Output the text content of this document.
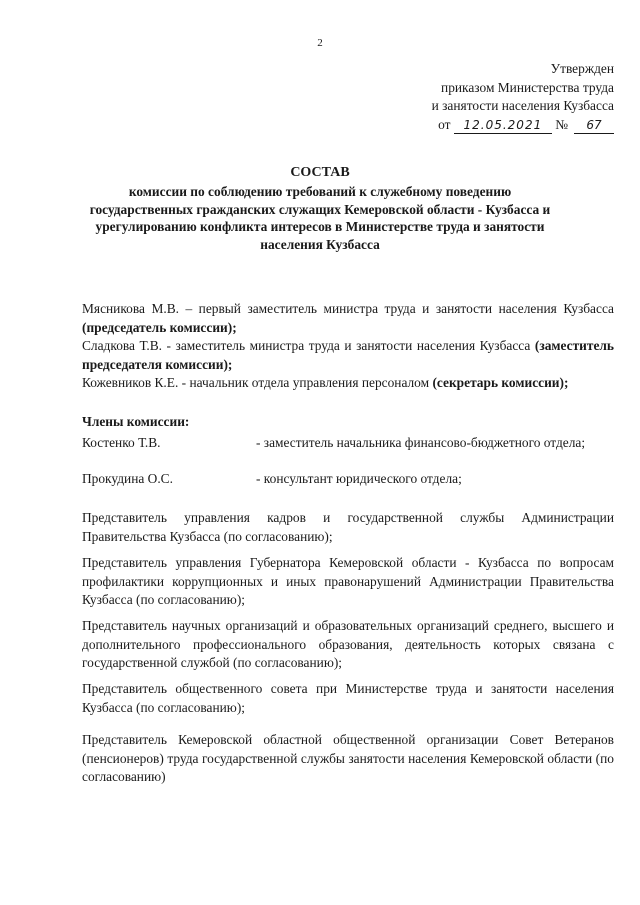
2
Утвержден
приказом Министерства труда
и занятости населения Кузбасса
от 12.05.2021 № 67
СОСТАВ
комиссии по соблюдению требований к служебному поведению государственных гражданских служащих Кемеровской области - Кузбасса и урегулированию конфликта интересов в Министерстве труда и занятости населения Кузбасса
Мясникова М.В. – первый заместитель министра труда и занятости населения Кузбасса (председатель комиссии);
Сладкова Т.В. - заместитель министра труда и занятости населения Кузбасса (заместитель председателя комиссии);
Кожевников К.Е. - начальник отдела управления персоналом (секретарь комиссии);
Члены комиссии:
Костенко Т.В.	- заместитель начальника финансово-бюджетного отдела;
Прокудина О.С.	- консультант юридического отдела;
Представитель управления кадров и государственной службы Администрации Правительства Кузбасса (по согласованию);
Представитель управления Губернатора Кемеровской области - Кузбасса по вопросам профилактики коррупционных и иных правонарушений Администрации Правительства Кузбасса (по согласованию);
Представитель научных организаций и образовательных организаций среднего, высшего и дополнительного профессионального образования, деятельность которых связана с государственной службой (по согласованию);
Представитель общественного совета при Министерстве труда и занятости населения Кузбасса (по согласованию);
Представитель Кемеровской областной общественной организации Совет Ветеранов (пенсионеров) труда государственной службы занятости населения Кемеровской области (по согласованию)
